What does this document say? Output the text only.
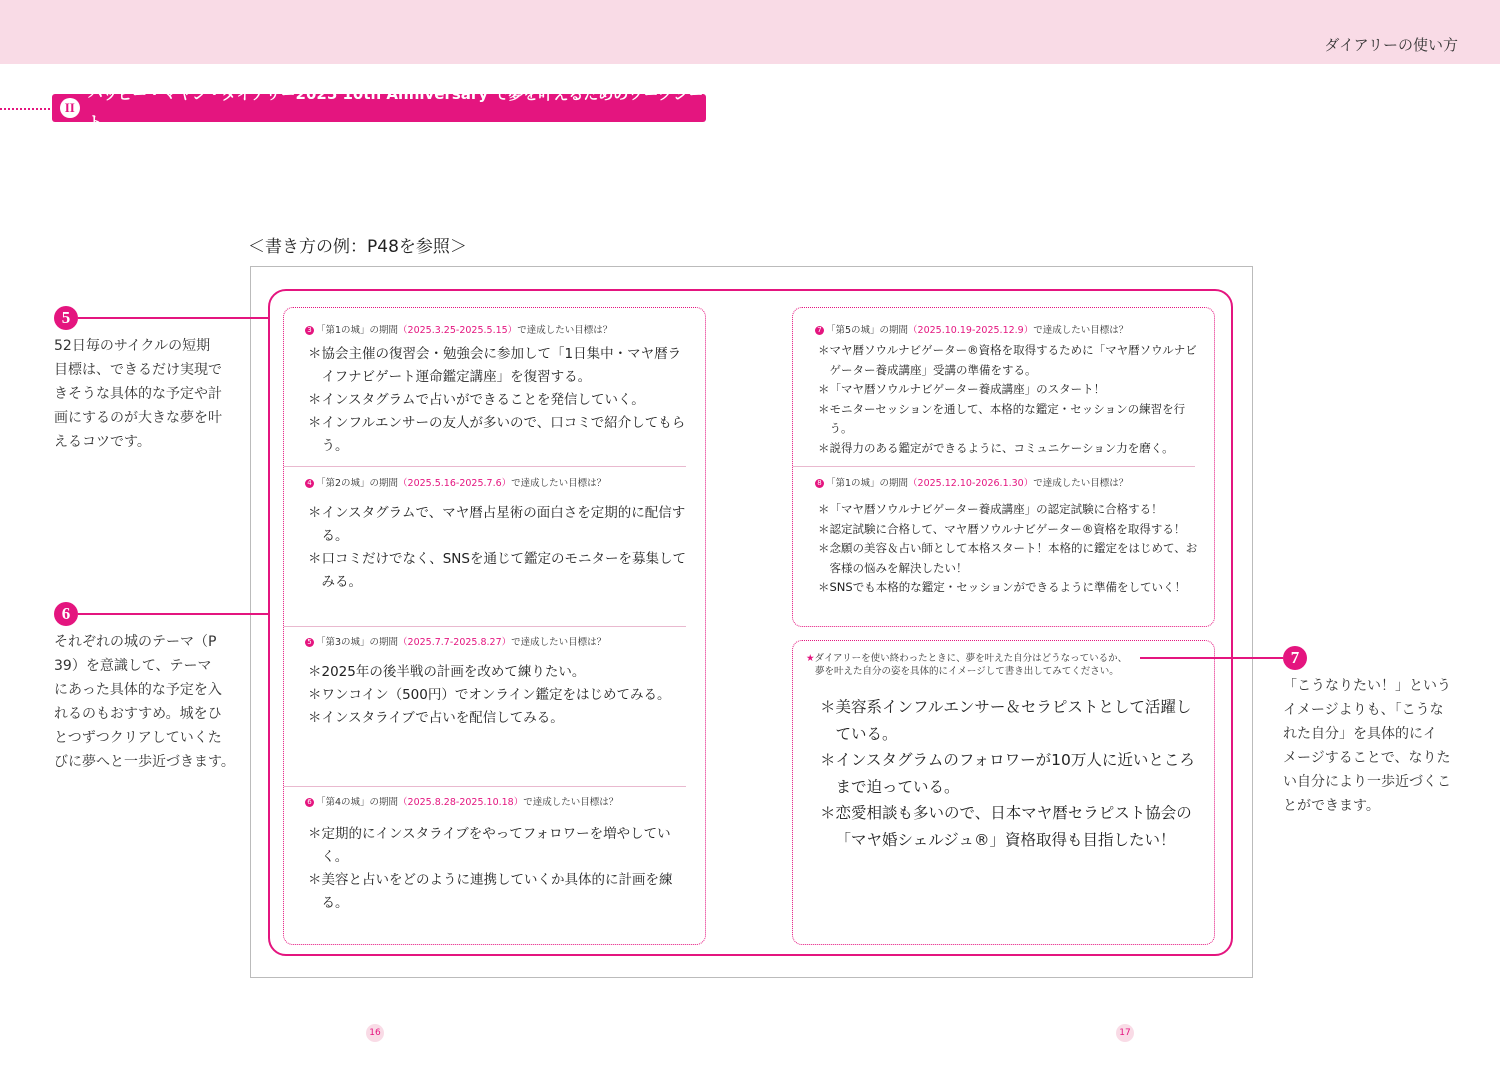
ダイアリーの使い方
II
ハッピー・マヤン・ダイアリー2025 10th Anniversary で夢を叶えるためのワークシート
＜書き方の例：P48を参照＞
3 「第1の城」の期間（2025.3.25-2025.5.15）で達成したい目標は？
＊協会主催の復習会・勉強会に参加して「1日集中・マヤ暦ライフナビゲート運命鑑定講座」を復習する。
＊インスタグラムで占いができることを発信していく。
＊インフルエンサーの友人が多いので、口コミで紹介してもらう。
4 「第2の城」の期間（2025.5.16-2025.7.6）で達成したい目標は？
＊インスタグラムで、マヤ暦占星術の面白さを定期的に配信する。
＊口コミだけでなく、SNSを通じて鑑定のモニターを募集してみる。
5 「第3の城」の期間（2025.7.7-2025.8.27）で達成したい目標は？
＊2025年の後半戦の計画を改めて練りたい。
＊ワンコイン（500円）でオンライン鑑定をはじめてみる。
＊インスタライブで占いを配信してみる。
6 「第4の城」の期間（2025.8.28-2025.10.18）で達成したい目標は？
＊定期的にインスタライブをやってフォロワーを増やしていく。
＊美容と占いをどのように連携していくか具体的に計画を練る。
7 「第5の城」の期間（2025.10.19-2025.12.9）で達成したい目標は？
＊マヤ暦ソウルナビゲーター®資格を取得するために「マヤ暦ソウルナビゲーター養成講座」受講の準備をする。
＊「マヤ暦ソウルナビゲーター養成講座」のスタート！
＊モニターセッションを通して、本格的な鑑定・セッションの練習を行う。
＊説得力のある鑑定ができるように、コミュニケーション力を磨く。
8 「第1の城」の期間（2025.12.10-2026.1.30）で達成したい目標は？
＊「マヤ暦ソウルナビゲーター養成講座」の認定試験に合格する！
＊認定試験に合格して、マヤ暦ソウルナビゲーター®資格を取得する！
＊念願の美容＆占い師として本格スタート！本格的に鑑定をはじめて、お客様の悩みを解決したい！
＊SNSでも本格的な鑑定・セッションができるように準備をしていく！
★ダイアリーを使い終わったときに、夢を叶えた自分はどうなっているか、
夢を叶えた自分の姿を具体的にイメージして書き出してみてください。
＊美容系インフルエンサー＆セラピストとして活躍している。
＊インスタグラムのフォロワーが10万人に近いところまで迫っている。
＊恋愛相談も多いので、日本マヤ暦セラピスト協会の「マヤ婚シェルジュ®」資格取得も目指したい！
5
52日毎のサイクルの短期
目標は、できるだけ実現で
きそうな具体的な予定や計
画にするのが大きな夢を叶
えるコツです。
6
それぞれの城のテーマ（P
39）を意識して、テーマ
にあった具体的な予定を入
れるのもおすすめ。城をひ
とつずつクリアしていくた
びに夢へと一歩近づきます。
7
「こうなりたい！」という
イメージよりも、「こうな
れた自分」を具体的にイ
メージすることで、なりた
い自分により一歩近づくこ
とができます。
16	17
